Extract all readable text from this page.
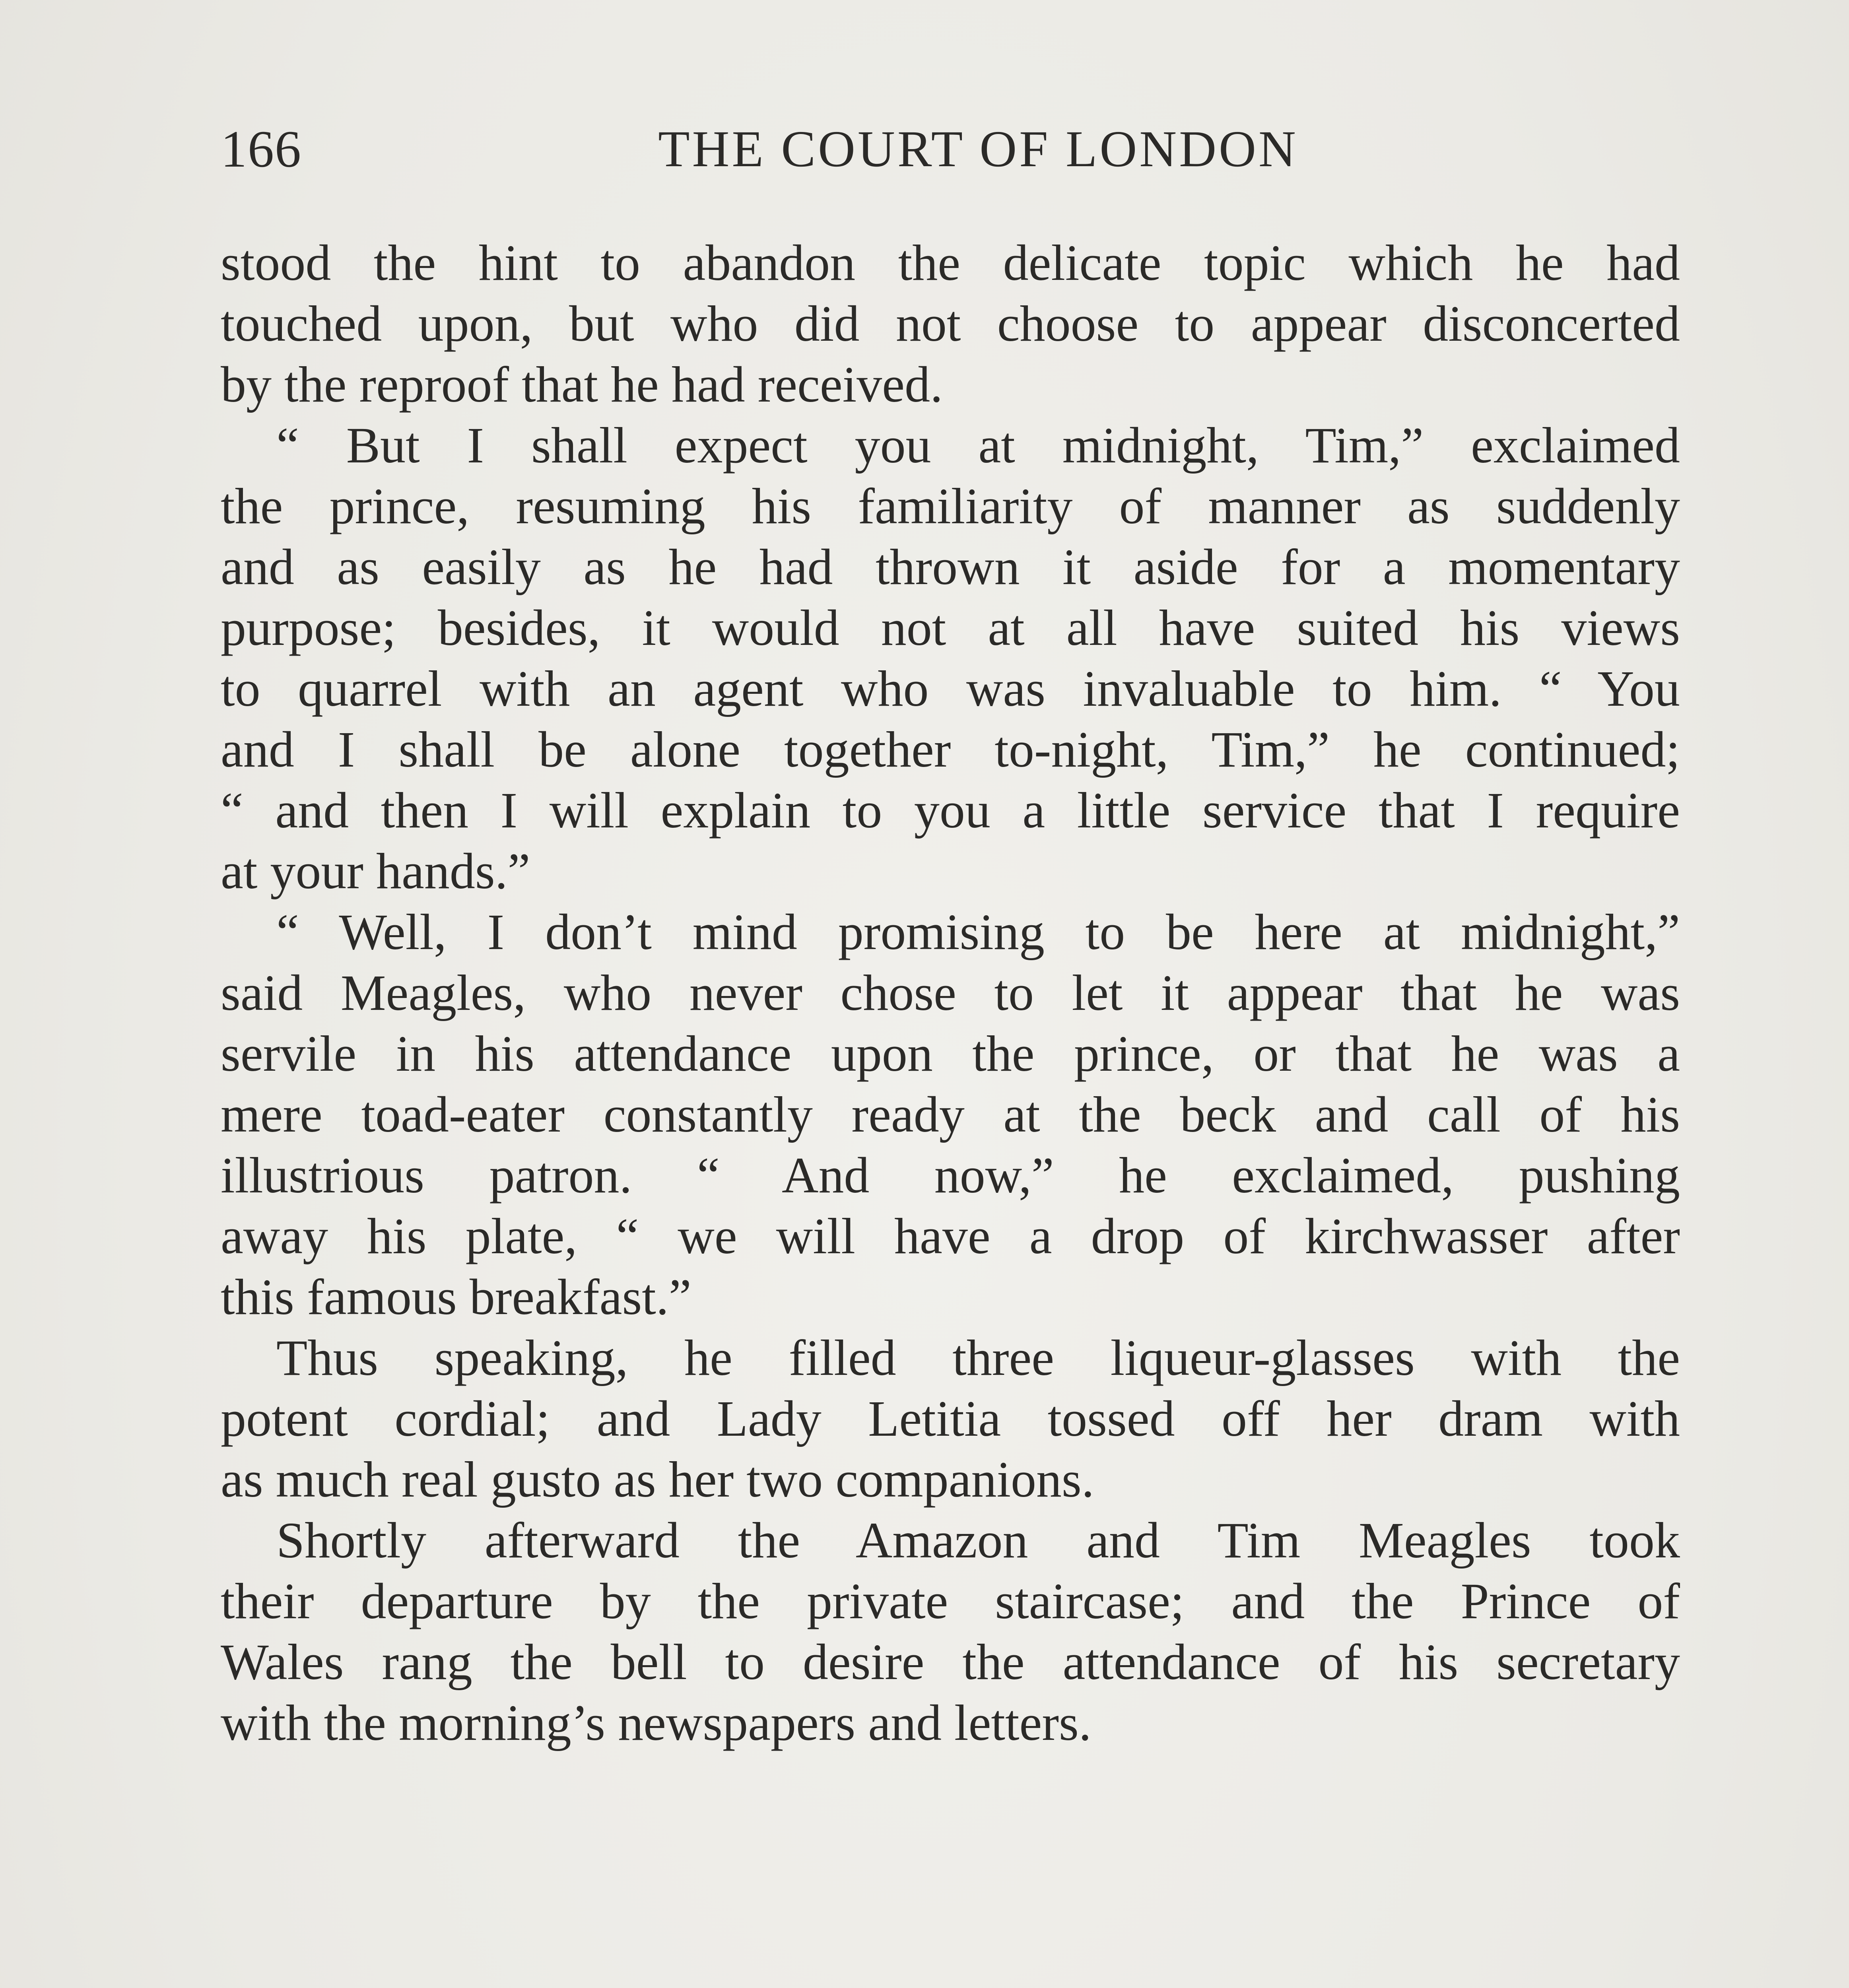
166	THE COURT OF LONDON
stood the hint to abandon the delicate topic which he had
touched upon, but who did not choose to appear disconcerted
by the reproof that he had received.
“ But I shall expect you at midnight, Tim,” exclaimed
the prince, resuming his familiarity of manner as suddenly
and as easily as he had thrown it aside for a momentary
purpose; besides, it would not at all have suited his views
to quarrel with an agent who was invaluable to him. “ You
and I shall be alone together to-night, Tim,” he continued;
“ and then I will explain to you a little service that I require
at your hands.”
“ Well, I don’t mind promising to be here at midnight,”
said Meagles, who never chose to let it appear that he was
servile in his attendance upon the prince, or that he was a
mere toad-eater constantly ready at the beck and call of his
illustrious patron. “ And now,” he exclaimed, pushing
away his plate, “ we will have a drop of kirchwasser after
this famous breakfast.”
Thus speaking, he filled three liqueur-glasses with the
potent cordial; and Lady Letitia tossed off her dram with
as much real gusto as her two companions.
Shortly afterward the Amazon and Tim Meagles took
their departure by the private staircase; and the Prince of
Wales rang the bell to desire the attendance of his secretary
with the morning’s newspapers and letters.
